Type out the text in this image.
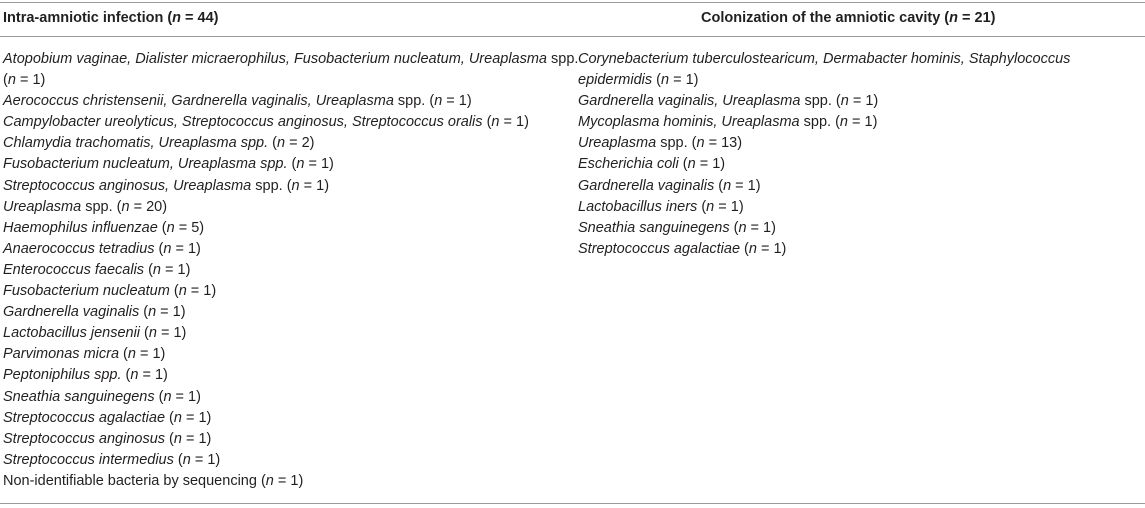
Intra-amniotic infection (n = 44)	Colonization of the amniotic cavity (n = 21)

Atopobium vaginae, Dialister micraerophilus, Fusobacterium nucleatum, Ureaplasma spp. (n = 1)

Aerococcus christensenii, Gardnerella vaginalis, Ureaplasma spp. (n = 1)

Campylobacter ureolyticus, Streptococcus anginosus, Streptococcus oralis (n = 1)

Chlamydia trachomatis, Ureaplasma spp. (n = 2)

Fusobacterium nucleatum, Ureaplasma spp. (n = 1)

Streptococcus anginosus, Ureaplasma spp. (n = 1)

Ureaplasma spp. (n = 20)

Haemophilus influenzae (n = 5)

Anaerococcus tetradius (n = 1)

Enterococcus faecalis (n = 1)

Fusobacterium nucleatum (n = 1)

Gardnerella vaginalis (n = 1)

Lactobacillus jensenii (n = 1)

Parvimonas micra (n = 1)

Peptoniphilus spp. (n = 1)

Sneathia sanguinegens (n = 1)

Streptococcus agalactiae (n = 1)

Streptococcus anginosus (n = 1)

Streptococcus intermedius (n = 1)

Non-identifiable bacteria by sequencing (n = 1)

Corynebacterium tuberculostearicum, Dermabacter hominis, Staphylococcus epidermidis (n = 1)

Gardnerella vaginalis, Ureaplasma spp. (n = 1)

Mycoplasma hominis, Ureaplasma spp. (n = 1)

Ureaplasma spp. (n = 13)

Escherichia coli (n = 1)

Gardnerella vaginalis (n = 1)

Lactobacillus iners (n = 1)

Sneathia sanguinegens (n = 1)

Streptococcus agalactiae (n = 1)
